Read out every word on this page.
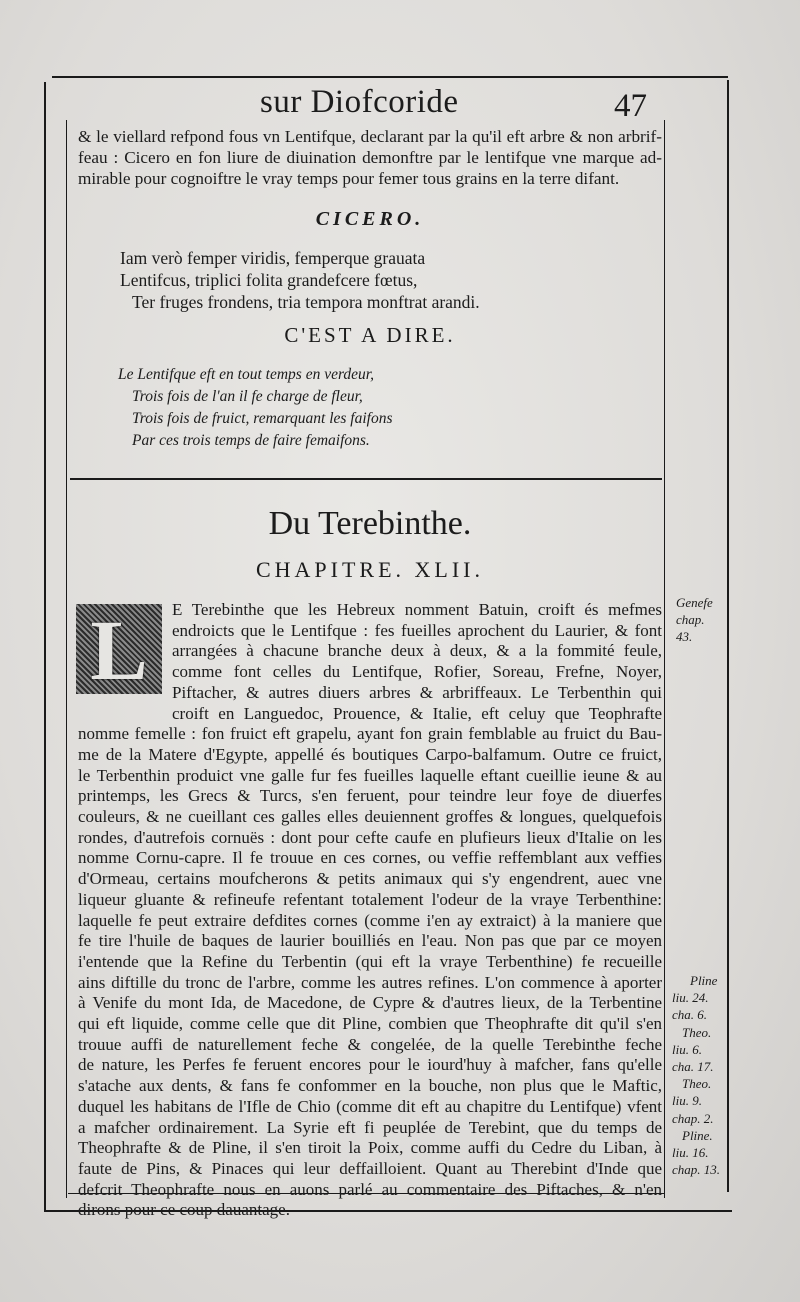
sur Diofcoride	47
& le viellard refpond fous vn Lentifque, declarant par la qu'il eft arbre & non arbrif-
feau : Cicero en fon liure de diuination demonftre par le lentifque vne marque ad-
mirable pour cognoiftre le vray temps pour femer tous grains en la terre difant.
CICERO.
Iam verò femper viridis, femperque grauata
Lentifcus, triplici folita grandefcere fœtus,
Ter fruges frondens, tria tempora monftrat arandi.
C'EST A DIRE.
Le Lentifque eft en tout temps en verdeur,
Trois fois de l'an il fe charge de fleur,
Trois fois de fruict, remarquant les faifons
Par ces trois temps de faire femaifons.
Du Terebinthe.
CHAPITRE. XLII.
L	E Terebinthe que les Hebreux nomment Batuin, croift és mefmes
endroicts que le Lentifque : fes fueilles aprochent du Laurier, & font
arrangées à chacune branche deux à deux, & a la fommité feule,
comme font celles du Lentifque, Rofier, Soreau, Frefne, Noyer,
Piftacher, & autres diuers arbres & arbriffeaux. Le Terbenthin qui
croift en Languedoc, Prouence, & Italie, eft celuy que Teophrafte
nomme femelle : fon fruict eft grapelu, ayant fon grain femblable au fruict du Bau-
me de la Matere d'Egypte, appellé és boutiques Carpo-balfamum. Outre ce fruict,
le Terbenthin produict vne galle fur fes fueilles laquelle eftant cueillie ieune & au
printemps, les Grecs & Turcs, s'en feruent, pour teindre leur foye de diuerfes
couleurs, & ne cueillant ces galles elles deuiennent groffes & longues, quelquefois
rondes, d'autrefois cornuës : dont pour cefte caufe en plufieurs lieux d'Italie on les
nomme Cornu-capre. Il fe trouue en ces cornes, ou veffie reffemblant aux veffies
d'Ormeau, certains moufcherons & petits animaux qui s'y engendrent, auec vne
liqueur gluante & refineufe refentant totalement l'odeur de la vraye Terbenthine:
laquelle fe peut extraire defdites cornes (comme i'en ay extraict) à la maniere que
fe tire l'huile de baques de laurier bouilliés en l'eau. Non pas que par ce moyen
i'entende que la Refine du Terbentin (qui eft la vraye Terbenthine) fe recueille
ains diftille du tronc de l'arbre, comme les autres refines. L'on commence à aporter
à Venife du mont Ida, de Macedone, de Cypre & d'autres lieux, de la Terbentine
qui eft liquide, comme celle que dit Pline, combien que Theophrafte dit qu'il s'en
trouue auffi de naturellement feche & congelée, de la quelle Terebinthe feche
de nature, les Perfes fe feruent encores pour le iourd'huy à mafcher, fans qu'elle
s'atache aux dents, & fans fe confommer en la bouche, non plus que le Maftic,
duquel les habitans de l'Ifle de Chio (comme dit eft au chapitre du Lentifque) vfent
a mafcher ordinairement. La Syrie eft fi peuplée de Terebint, que du temps de
Theophrafte & de Pline, il s'en tiroit la Poix, comme auffi du Cedre du Liban, à
faute de Pins, & Pinaces qui leur deffailloient. Quant au Therebint d'Inde que
defcrit Theophrafte nous en auons parlé au commentaire des Piftaches, & n'en
dirons pour ce coup dauantage.
Genefe
chap.
43.
Pline
liu. 24.
cha. 6.
Theo.
liu. 6.
cha. 17.
Theo.
liu. 9.
chap. 2.
Pline.
liu. 16.
chap. 13.
